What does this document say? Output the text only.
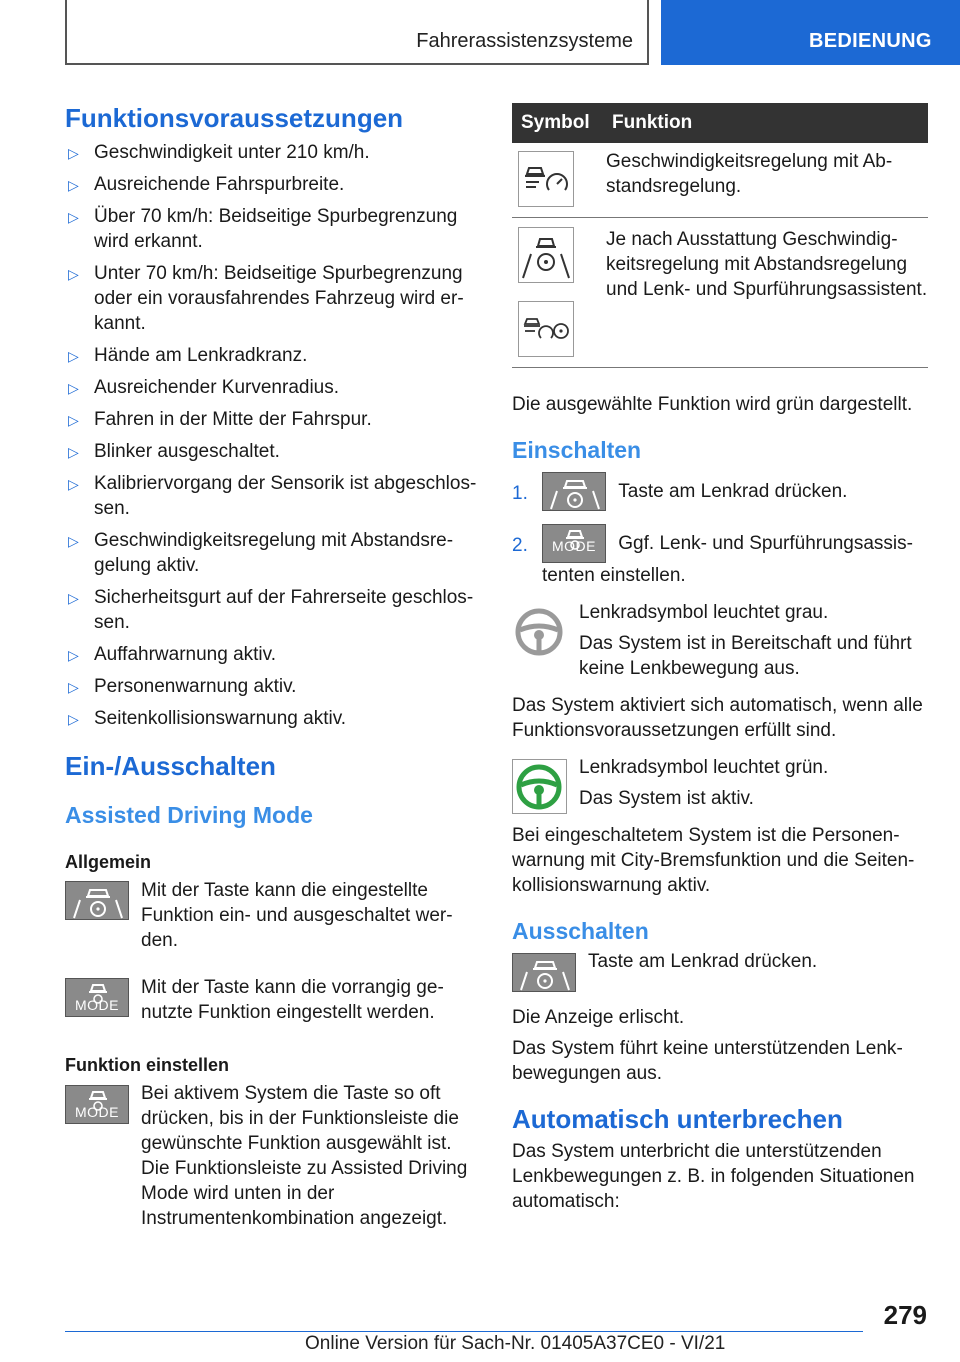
Fahrerassistenzsysteme	BEDIENUNG
Funktionsvoraussetzungen
▷ Geschwindigkeit unter 210 km/h.
▷ Ausreichende Fahrspurbreite.
▷ Über 70 km/h: Beidseitige Spurbegrenzung wird erkannt.
▷ Unter 70 km/h: Beidseitige Spurbegrenzung oder ein vorausfahrendes Fahrzeug wird erkannt.
▷ Hände am Lenkradkranz.
▷ Ausreichender Kurvenradius.
▷ Fahren in der Mitte der Fahrspur.
▷ Blinker ausgeschaltet.
▷ Kalibriervorgang der Sensorik ist abgeschlossen.
▷ Geschwindigkeitsregelung mit Abstandsregelung aktiv.
▷ Sicherheitsgurt auf der Fahrerseite geschlossen.
▷ Auffahrwarnung aktiv.
▷ Personenwarnung aktiv.
▷ Seitenkollisionswarnung aktiv.
Ein-/Ausschalten
Assisted Driving Mode
Allgemein

Mit der Taste kann die eingestellte Funktion ein- und ausgeschaltet werden.

MODE

Mit der Taste kann die vorrangig genutzte Funktion eingestellt werden.

Funktion einstellen
MODE

Bei aktivem System die Taste so oft drücken, bis in der Funktionsleiste die gewünschte Funktion ausgewählt ist. Die Funktionsleiste zu Assisted Driving Mode wird unten in der Instrumentenkombination angezeigt.

Symbol	Funktion

	Geschwindigkeitsregelung mit Abstandsregelung.

	Je nach Ausstattung Geschwindigkeitsregelung mit Abstandsregelung und Lenk- und Spurführungsassistent.

Die ausgewählte Funktion wird grün dargestellt.

Einschalten
1.	Taste am Lenkrad drücken.
2.	MODE	Ggf. Lenk- und Spurführungsassistenten einstellen.

Lenkradsymbol leuchtet grau.

Das System ist in Bereitschaft und führt keine Lenkbewegung aus.

Das System aktiviert sich automatisch, wenn alle Funktionsvoraussetzungen erfüllt sind.

Lenkradsymbol leuchtet grün.

Das System ist aktiv.

Bei eingeschaltetem System ist die Personenwarnung mit City-Bremsfunktion und die Seitenkollisionswarnung aktiv.

Ausschalten

Taste am Lenkrad drücken.

Die Anzeige erlischt.

Das System führt keine unterstützenden Lenkbewegungen aus.

Automatisch unterbrechen

Das System unterbricht die unterstützenden Lenkbewegungen z. B. in folgenden Situationen automatisch:

279
Online Version für Sach-Nr. 01405A37CE0 - VI/21
